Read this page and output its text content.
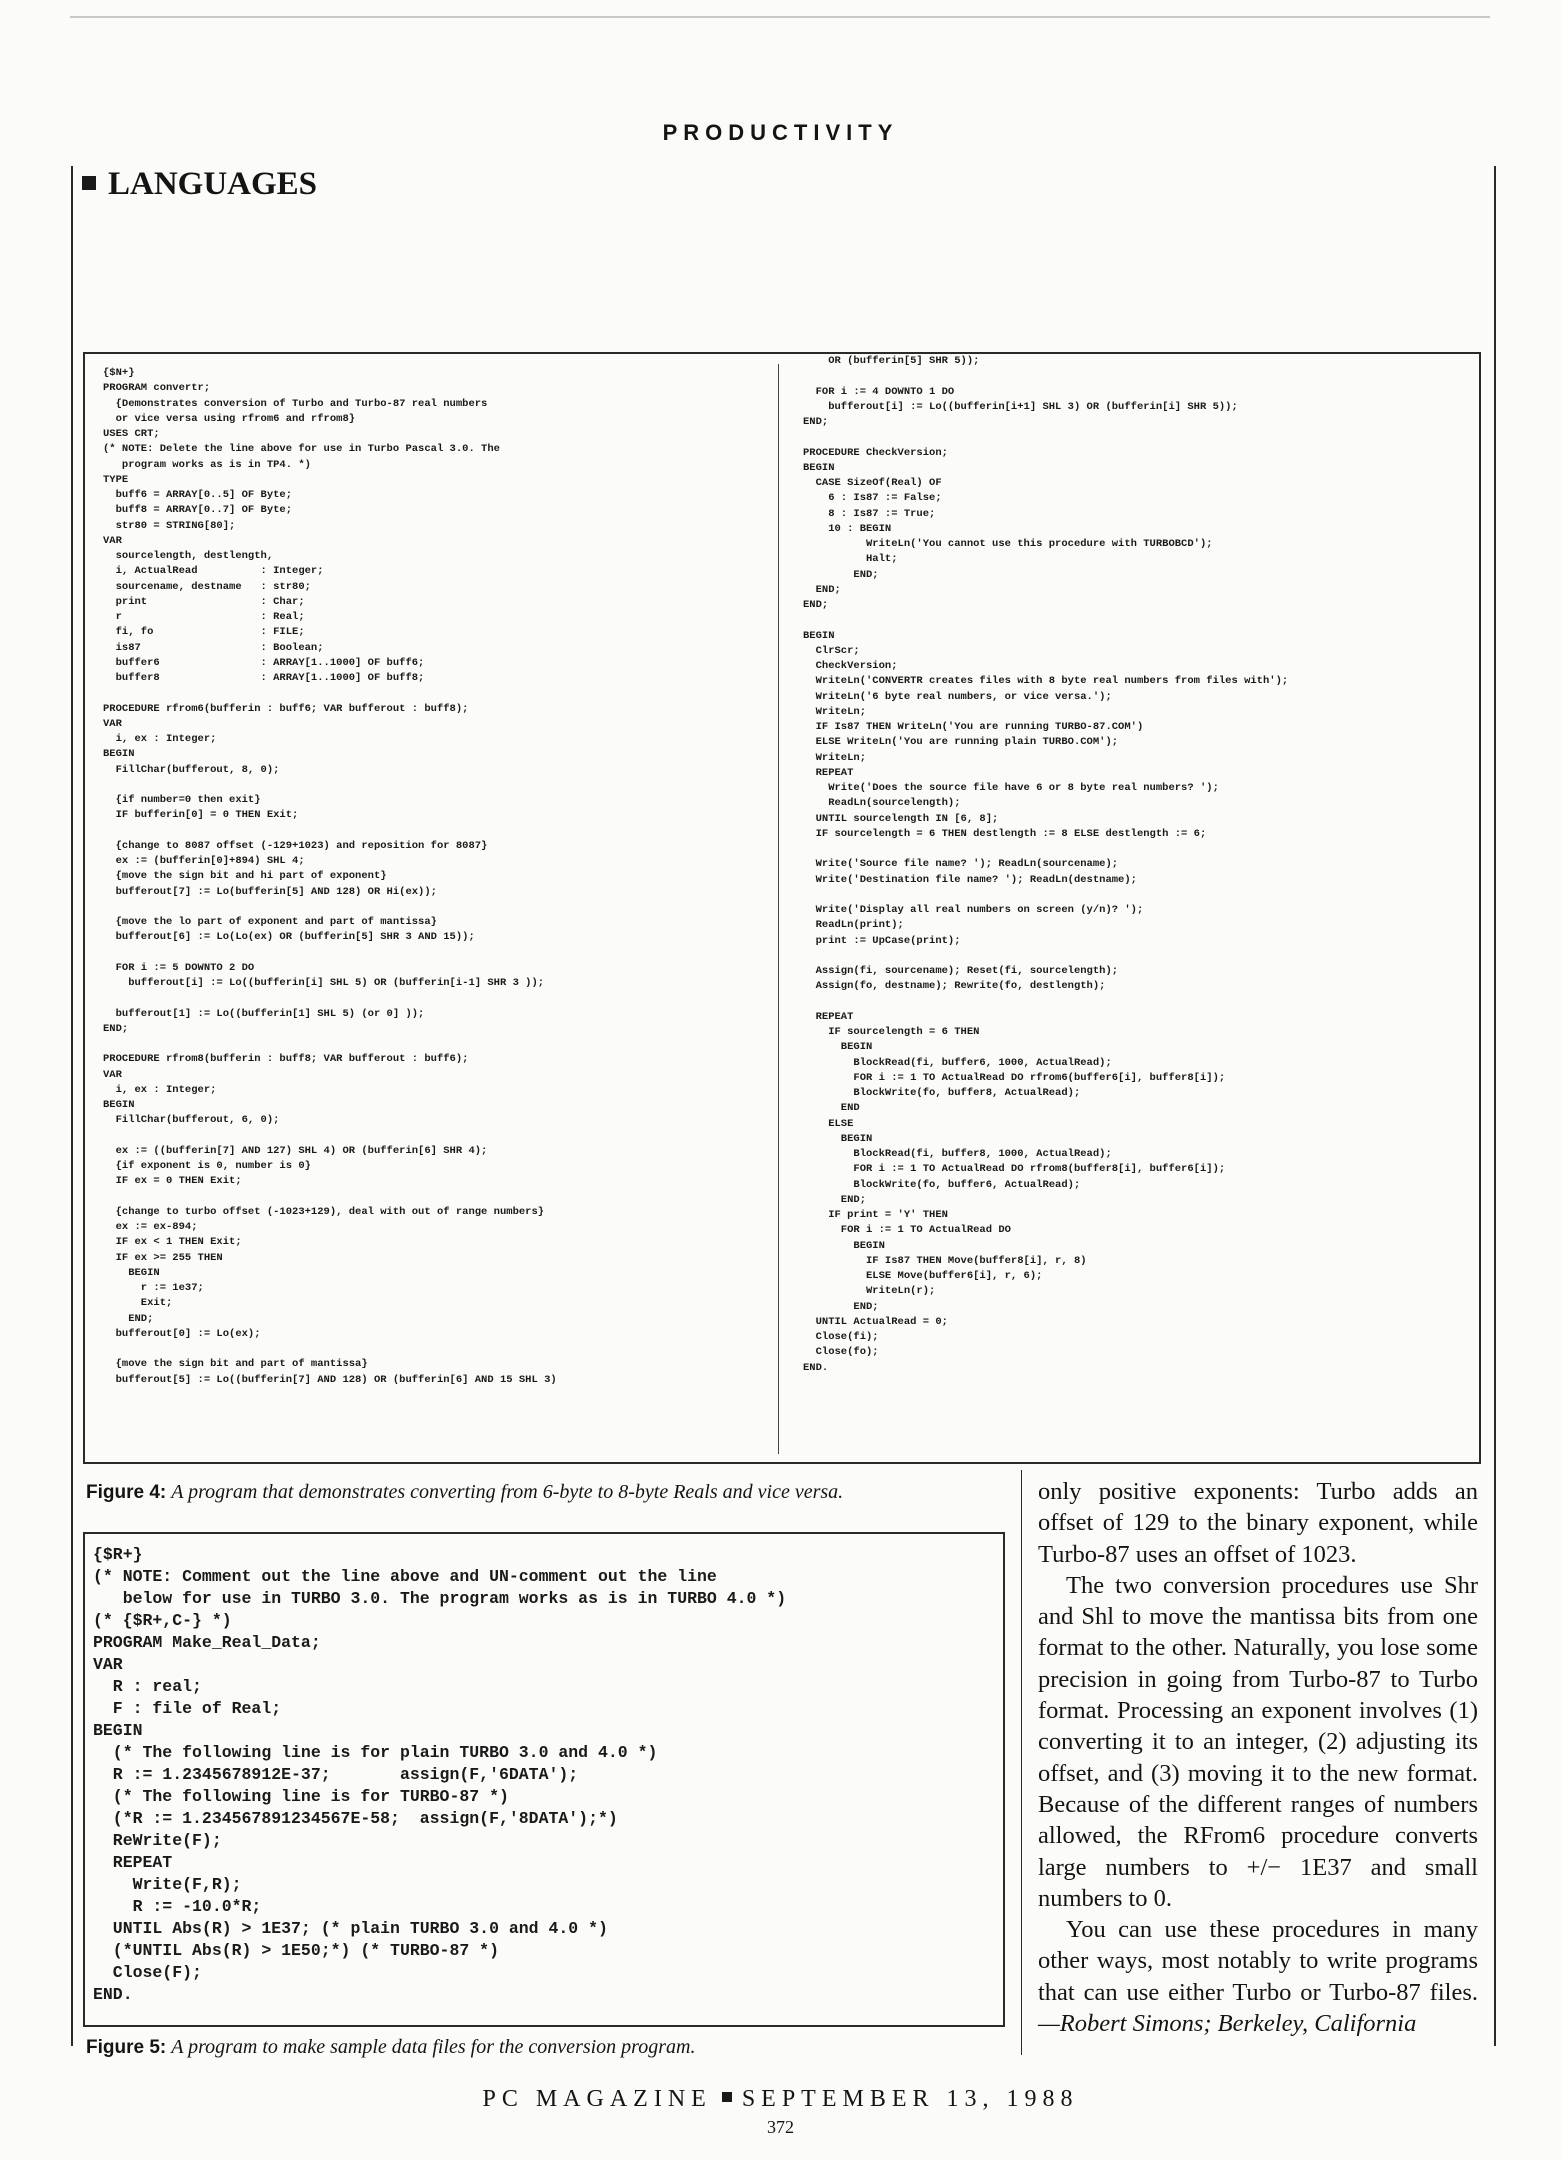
PRODUCTIVITY
LANGUAGES
{$N+}
PROGRAM convertr;
{Demonstrates conversion of Turbo and Turbo-87 real numbers
or vice versa using rfrom6 and rfrom8}
USES CRT;
(* NOTE: Delete the line above for use in Turbo Pascal 3.0. The
program works as is in TP4. *)
TYPE
buff6 = ARRAY[0..5] OF Byte;
buff8 = ARRAY[0..7] OF Byte;
str80 = STRING[80];
VAR
sourcelength, destlength,
i, ActualRead          : Integer;
sourcename, destname   : str80;
print                  : Char;
r                      : Real;
fi, fo                 : FILE;
is87                   : Boolean;
buffer6                : ARRAY[1..1000] OF buff6;
buffer8                : ARRAY[1..1000] OF buff8;

PROCEDURE rfrom6(bufferin : buff6; VAR bufferout : buff8);
VAR
i, ex : Integer;
BEGIN
FillChar(bufferout, 8, 0);

{if number=0 then exit}
IF bufferin[0] = 0 THEN Exit;

{change to 8087 offset (-129+1023) and reposition for 8087}
ex := (bufferin[0]+894) SHL 4;
{move the sign bit and hi part of exponent}
bufferout[7] := Lo(bufferin[5] AND 128) OR Hi(ex));

{move the lo part of exponent and part of mantissa}
bufferout[6] := Lo(Lo(ex) OR (bufferin[5] SHR 3 AND 15));

FOR i := 5 DOWNTO 2 DO
bufferout[i] := Lo((bufferin[i] SHL 5) OR (bufferin[i-1] SHR 3 ));

bufferout[1] := Lo((bufferin[1] SHL 5) (or 0] ));
END;

PROCEDURE rfrom8(bufferin : buff8; VAR bufferout : buff6);
VAR
i, ex : Integer;
BEGIN
FillChar(bufferout, 6, 0);

ex := ((bufferin[7] AND 127) SHL 4) OR (bufferin[6] SHR 4);
{if exponent is 0, number is 0}
IF ex = 0 THEN Exit;

{change to turbo offset (-1023+129), deal with out of range numbers}
ex := ex-894;
IF ex < 1 THEN Exit;
IF ex >= 255 THEN
BEGIN
r := 1e37;
Exit;
END;
bufferout[0] := Lo(ex);

{move the sign bit and part of mantissa}
bufferout[5] := Lo((bufferin[7] AND 128) OR (bufferin[6] AND 15 SHL 3)
OR (bufferin[5] SHR 5));

FOR i := 4 DOWNTO 1 DO
bufferout[i] := Lo((bufferin[i+1] SHL 3) OR (bufferin[i] SHR 5));
END;

PROCEDURE CheckVersion;
BEGIN
CASE SizeOf(Real) OF
6 : Is87 := False;
8 : Is87 := True;
10 : BEGIN
WriteLn('You cannot use this procedure with TURBOBCD');
Halt;
END;
END;
END;

BEGIN
ClrScr;
CheckVersion;
WriteLn('CONVERTR creates files with 8 byte real numbers from files with');
WriteLn('6 byte real numbers, or vice versa.');
WriteLn;
IF Is87 THEN WriteLn('You are running TURBO-87.COM')
ELSE WriteLn('You are running plain TURBO.COM');
WriteLn;
REPEAT
Write('Does the source file have 6 or 8 byte real numbers? ');
ReadLn(sourcelength);
UNTIL sourcelength IN [6, 8];
IF sourcelength = 6 THEN destlength := 8 ELSE destlength := 6;

Write('Source file name? '); ReadLn(sourcename);
Write('Destination file name? '); ReadLn(destname);

Write('Display all real numbers on screen (y/n)? ');
ReadLn(print);
print := UpCase(print);

Assign(fi, sourcename); Reset(fi, sourcelength);
Assign(fo, destname); Rewrite(fo, destlength);

REPEAT
IF sourcelength = 6 THEN
BEGIN
BlockRead(fi, buffer6, 1000, ActualRead);
FOR i := 1 TO ActualRead DO rfrom6(buffer6[i], buffer8[i]);
BlockWrite(fo, buffer8, ActualRead);
END
ELSE
BEGIN
BlockRead(fi, buffer8, 1000, ActualRead);
FOR i := 1 TO ActualRead DO rfrom8(buffer8[i], buffer6[i]);
BlockWrite(fo, buffer6, ActualRead);
END;
IF print = 'Y' THEN
FOR i := 1 TO ActualRead DO
BEGIN
IF Is87 THEN Move(buffer8[i], r, 8)
ELSE Move(buffer6[i], r, 6);
WriteLn(r);
END;
UNTIL ActualRead = 0;
Close(fi);
Close(fo);
END.
Figure 4: A program that demonstrates converting from 6-byte to 8-byte Reals and vice versa.
{$R+}
(* NOTE: Comment out the line above and UN-comment out the line
below for use in TURBO 3.0. The program works as is in TURBO 4.0 *)
(* {$R+,C-} *)
PROGRAM Make_Real_Data;
VAR
R : real;
F : file of Real;
BEGIN
(* The following line is for plain TURBO 3.0 and 4.0 *)
R := 1.2345678912E-37;       assign(F,'6DATA');
(* The following line is for TURBO-87 *)
(*R := 1.234567891234567E-58;  assign(F,'8DATA');*)
ReWrite(F);
REPEAT
Write(F,R);
R := -10.0*R;
UNTIL Abs(R) > 1E37; (* plain TURBO 3.0 and 4.0 *)
(*UNTIL Abs(R) > 1E50;*) (* TURBO-87 *)
Close(F);
END.
Figure 5: A program to make sample data files for the conversion program.

only positive exponents: Turbo adds an offset of 129 to the binary exponent, while Turbo-87 uses an offset of 1023.

The two conversion procedures use Shr and Shl to move the mantissa bits from one format to the other. Naturally, you lose some precision in going from Turbo-87 to Turbo format. Processing an exponent involves (1) converting it to an integer, (2) adjusting its offset, and (3) moving it to the new format. Because of the different ranges of numbers allowed, the RFrom6 procedure converts large numbers to +/− 1E37 and small numbers to 0.

You can use these procedures in many other ways, most notably to write programs that can use either Turbo or Turbo-87 files.—Robert Simons; Berkeley, California

PC MAGAZINE SEPTEMBER 13, 1988
372
